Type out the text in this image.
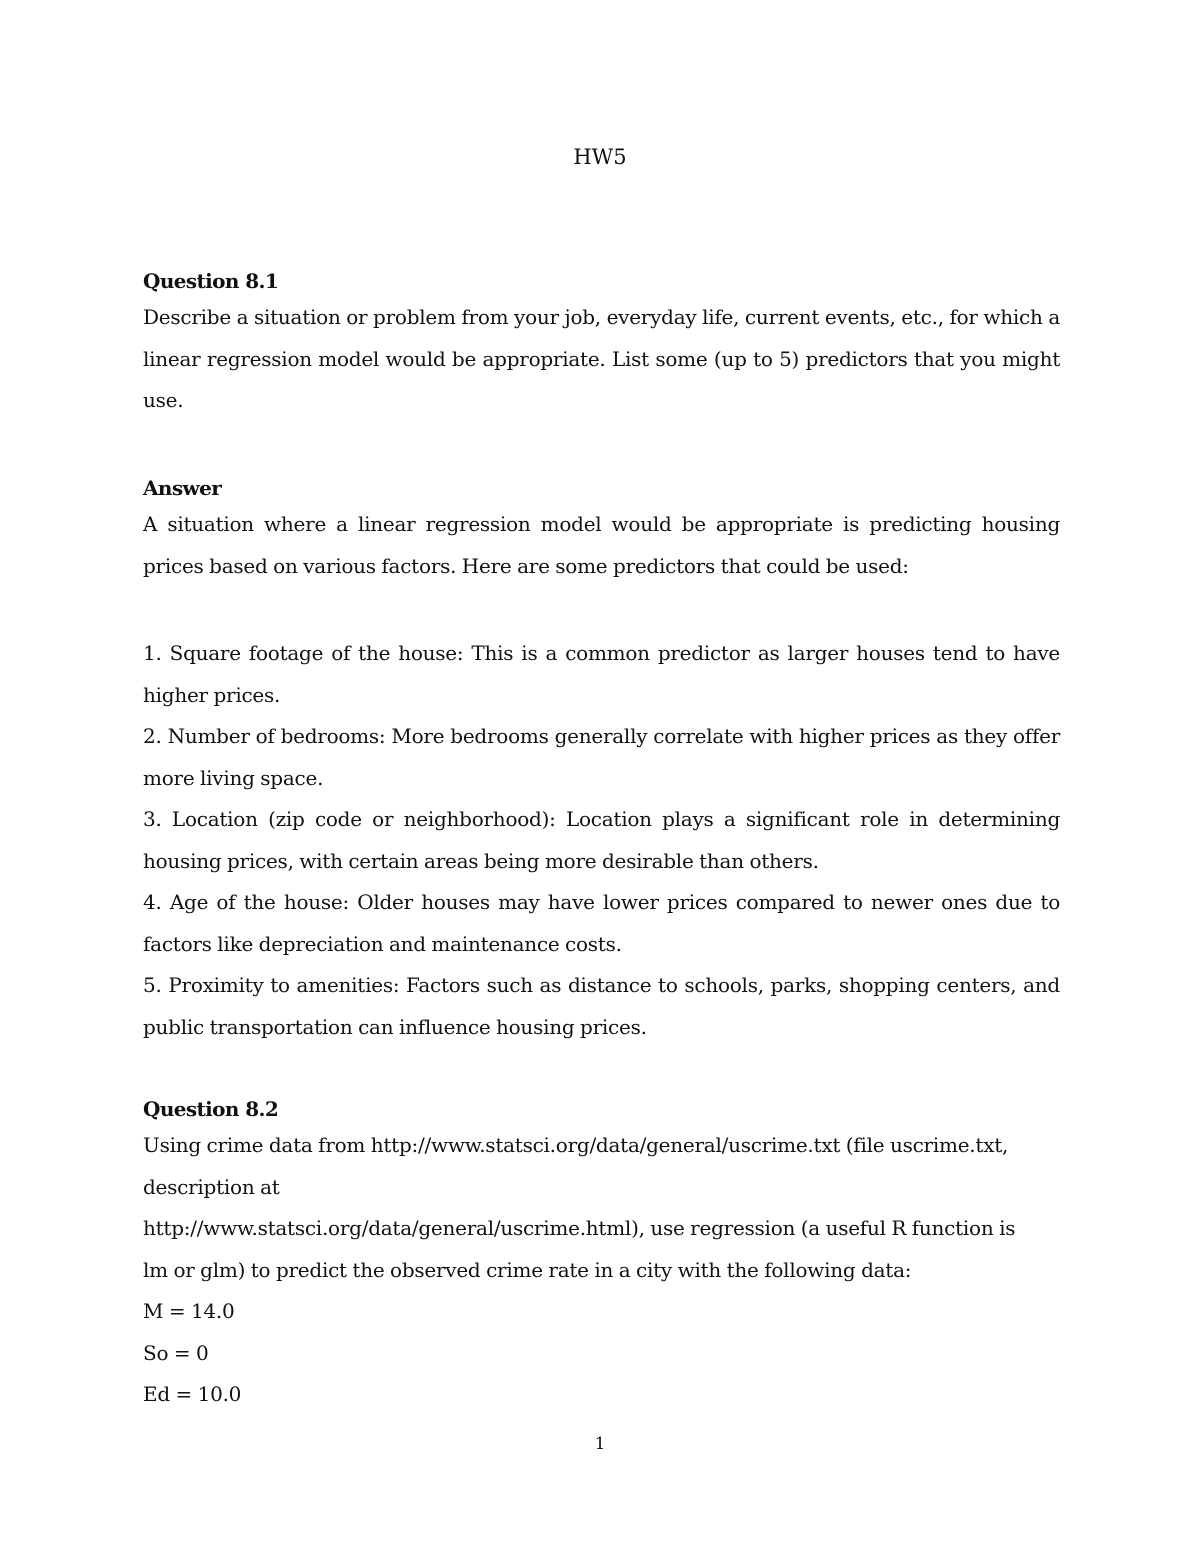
HW5

Question 8.1

Describe a situation or problem from your job, everyday life, current events, etc., for which a linear regression model would be appropriate. List some (up to 5) predictors that you might use.

Answer

A situation where a linear regression model would be appropriate is predicting housing prices based on various factors. Here are some predictors that could be used:

1. Square footage of the house: This is a common predictor as larger houses tend to have higher prices.

2. Number of bedrooms: More bedrooms generally correlate with higher prices as they offer more living space.

3. Location (zip code or neighborhood): Location plays a significant role in determining housing prices, with certain areas being more desirable than others.

4. Age of the house: Older houses may have lower prices compared to newer ones due to factors like depreciation and maintenance costs.

5. Proximity to amenities: Factors such as distance to schools, parks, shopping centers, and public transportation can influence housing prices.

Question 8.2

Using crime data from http://www.statsci.org/data/general/uscrime.txt (file uscrime.txt,
description at
http://www.statsci.org/data/general/uscrime.html), use regression (a useful R function is
lm or glm) to predict the observed crime rate in a city with the following data:
M = 14.0
So = 0
Ed = 10.0
1
